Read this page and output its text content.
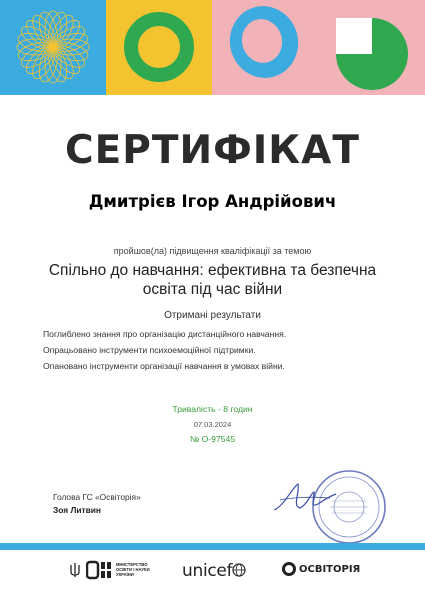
СЕРТИФІКАТ
Дмитрієв Ігор Андрійович
пройшов(ла) підвищення кваліфікації за темою
Спільно до навчання: ефективна та безпечна освіта під час війни
Отримані результати
Поглиблено знання про організацію дистанційного навчання.
Опрацьовано інструменти психоемоційної підтримки.
Опановано інструменти організації навчання в умовах війни.
Тривалість - 8 годин
07.03.2024
№ О-97545
Голова ГС «Освіторія»
Зоя Литвин
МІНІСТЕРСТВО ОСВІТИ І НАУКИ УКРАЇНИ	unicef	ОСВІТОРІЯ
